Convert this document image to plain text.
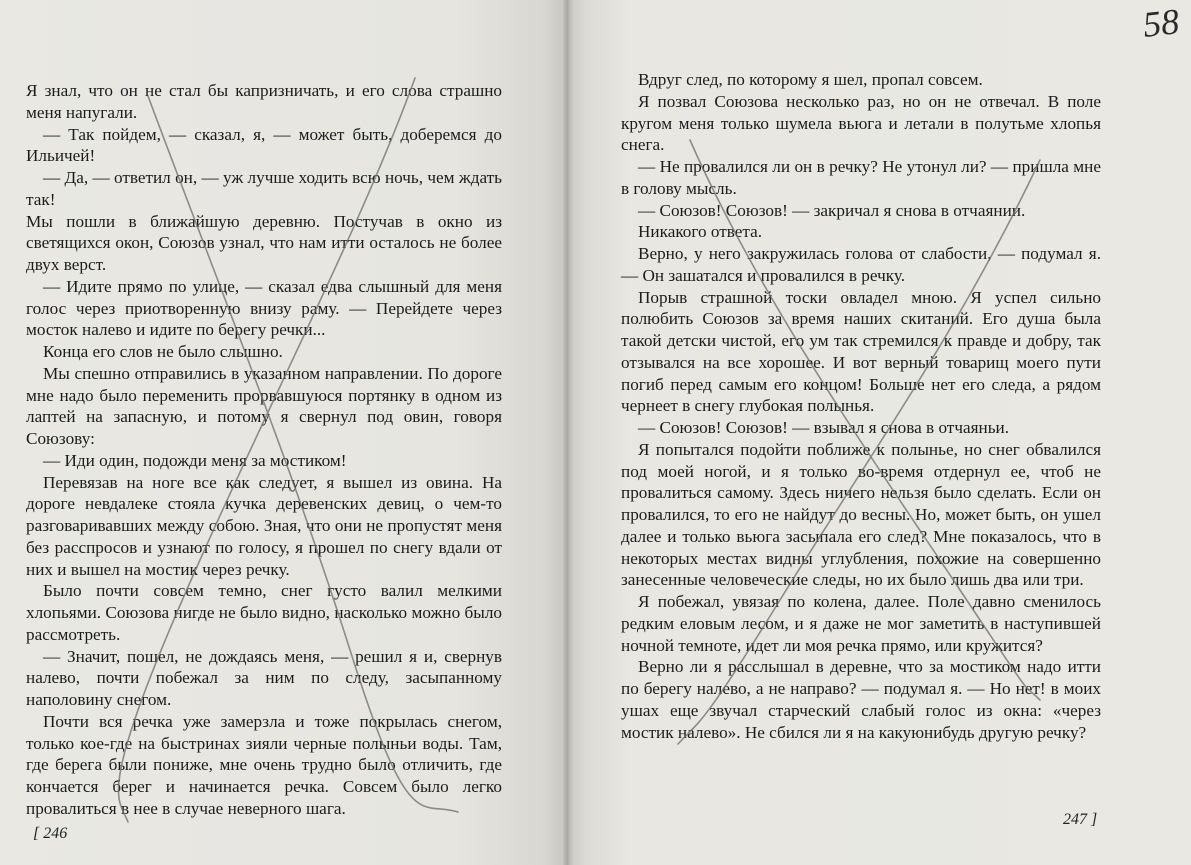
Я знал, что он не стал бы капризничать, и его слова страшно меня напугали.

— Так пойдем, — сказал, я, — может быть, доберемся до Ильичей!

— Да, — ответил он, — уж лучше ходить всю ночь, чем ждать так!

Мы пошли в ближайшую деревню. Постучав в окно из светящихся окон, Союзов узнал, что нам итти осталось не более двух верст.

— Идите прямо по улице, — сказал едва слышный для меня голос через приотворенную внизу раму. — Перейдете через мосток налево и идите по берегу речки...

Конца его слов не было слышно.

Мы спешно отправились в указанном направлении. По дороге мне надо было переменить прорвавшуюся портянку в одном из лаптей на запасную, и потому я свернул под овин, говоря Союзову:

— Иди один, подожди меня за мостиком!

Перевязав на ноге все как следует, я вышел из овина. На дороге невдалеке стояла кучка деревенских девиц, о чем-то разговаривавших между собою. Зная, что они не пропустят меня без расспросов и узнают по голосу, я прошел по снегу вдали от них и вышел на мостик через речку.

Было почти совсем темно, снег густо валил мелкими хлопьями. Союзова нигде не было видно, насколько можно было рассмотреть.

— Значит, пошел, не дождаясь меня, — решил я и, свернув налево, почти побежал за ним по следу, засыпанному наполовину снегом.

Почти вся речка уже замерзла и тоже покрылась снегом, только кое-где на быстринах зияли черные полыньи воды. Там, где берега были пониже, мне очень трудно было отличить, где кончается берег и начинается речка. Совсем было легко провалиться в нее в случае неверного шага.

[ 246

Вдруг след, по которому я шел, пропал совсем.

Я позвал Союзова несколько раз, но он не отвечал. В поле кругом меня только шумела вьюга и летали в полутьме хлопья снега.

— Не провалился ли он в речку? Не утонул ли? — пришла мне в голову мысль.

— Союзов! Союзов! — закричал я снова в отчаянии.

Никакого ответа.

Верно, у него закружилась голова от слабости, — подумал я. — Он зашатался и провалился в речку.

Порыв страшной тоски овладел мною. Я успел сильно полюбить Союзов за время наших скитаний. Его душа была такой детски чистой, его ум так стремился к правде и добру, так отзывался на все хорошее. И вот верный товарищ моего пути погиб перед самым его концом! Больше нет его следа, а рядом чернеет в снегу глубокая полынья.

— Союзов! Союзов! — взывал я снова в отчаяньи.

Я попытался подойти поближе к полынье, но снег обвалился под моей ногой, и я только во-время отдернул ее, чтоб не провалиться самому. Здесь ничего нельзя было сделать. Если он провалился, то его не найдут до весны. Но, может быть, он ушел далее и только вьюга засыпала его след? Мне показалось, что в некоторых местах видны углубления, похожие на совершенно занесенные человеческие следы, но их было лишь два или три.

Я побежал, увязая по колена, далее. Поле давно сменилось редким еловым лесом, и я даже не мог заметить в наступившей ночной темноте, идет ли моя речка прямо, или кружится?

Верно ли я расслышал в деревне, что за мостиком надо итти по берегу налево, а не направо? — подумал я. — Но нет! в моих ушах еще звучал старческий слабый голос из окна: «через мостик налево». Не сбился ли я на какуюнибудь другую речку?

247 ]
58
